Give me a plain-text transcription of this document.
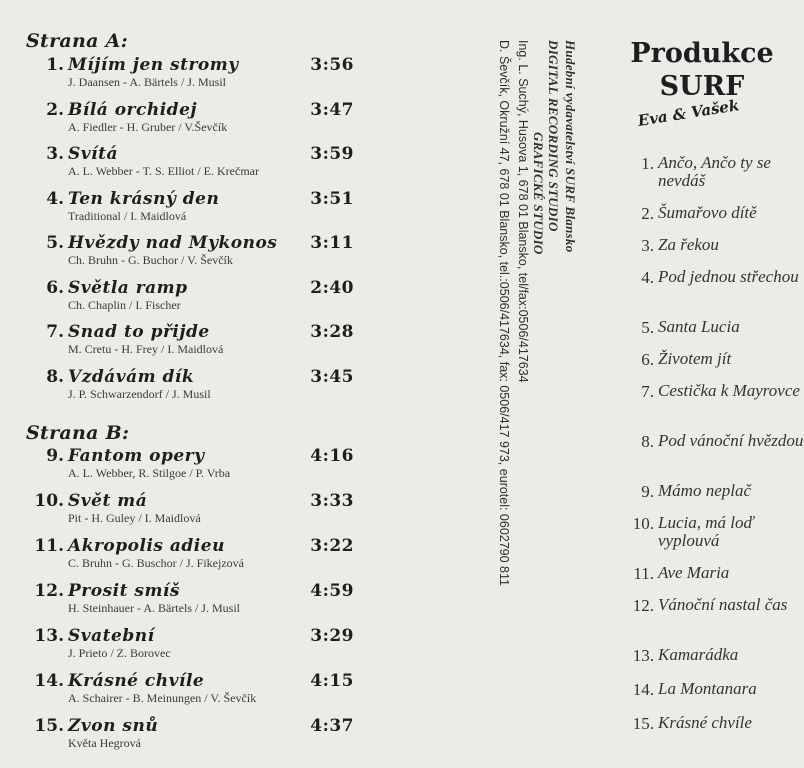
Strana A:
1. Míjím jen stromy	3:56
J. Daansen - A. Bärtels / J. Musil
2. Bílá orchidej	3:47
A. Fiedler - H. Gruber / V.Ševčík
3. Svítá	3:59
A. L. Webber - T. S. Elliot / E. Krečmar
4. Ten krásný den	3:51
Traditional / I. Maidlová
5. Hvězdy nad Mykonos 3:11
Ch. Bruhn - G. Buchor / V. Ševčík
6. Světla ramp	2:40
Ch. Chaplin / I. Fischer
7. Snad to přijde	3:28
M. Cretu - H. Frey / I. Maidlová
8. Vzdávám dík	3:45
J. P. Schwarzendorf / J. Musil
Strana B:
9. Fantom opery	4:16
A. L. Webber, R. Stilgoe / P. Vrba
10. Svět má	3:33
Pit - H. Guley / I. Maidlová
11. Akropolis adieu	3:22
C. Bruhn - G. Buschor / J. Fikejzová
12. Prosit smíš	4:59
H. Steinhauer - A. Bärtels / J. Musil
13. Svatební	3:29
J. Prieto / Z. Borovec
14. Krásné chvíle	4:15
A. Schairer - B. Meinungen / V. Ševčík
15. Zvon snů	4:37
Květa Hegrová
Hudební vydavatelství SURF Blansko
DIGITAL RECORDING STUDIO
GRAFICKÉ STUDIO
Ing. L. Suchý, Husova 1, 678 01 Blansko, tel/fax:0506/417634
D. Ševčík, Okružní 47, 678 01 Blansko, tel.:0506/417634, fax: 0506/417 973, eurotel: 0602790 811	Produkce
SURF
Eva & Vašek
1. Ančo, Ančo ty se nevdáš
2. Šumařovo dítě
3. Za řekou
4. Pod jednou střechou
5. Santa Lucia
6. Životem jít
7. Cestička k Mayrovce
8. Pod vánoční hvězdou
9. Mámo neplač
10. Lucia, má loď vyplouvá
11. Ave Maria
12. Vánoční nastal čas
13. Kamarádka
14. La Montanara
15. Krásné chvíle
